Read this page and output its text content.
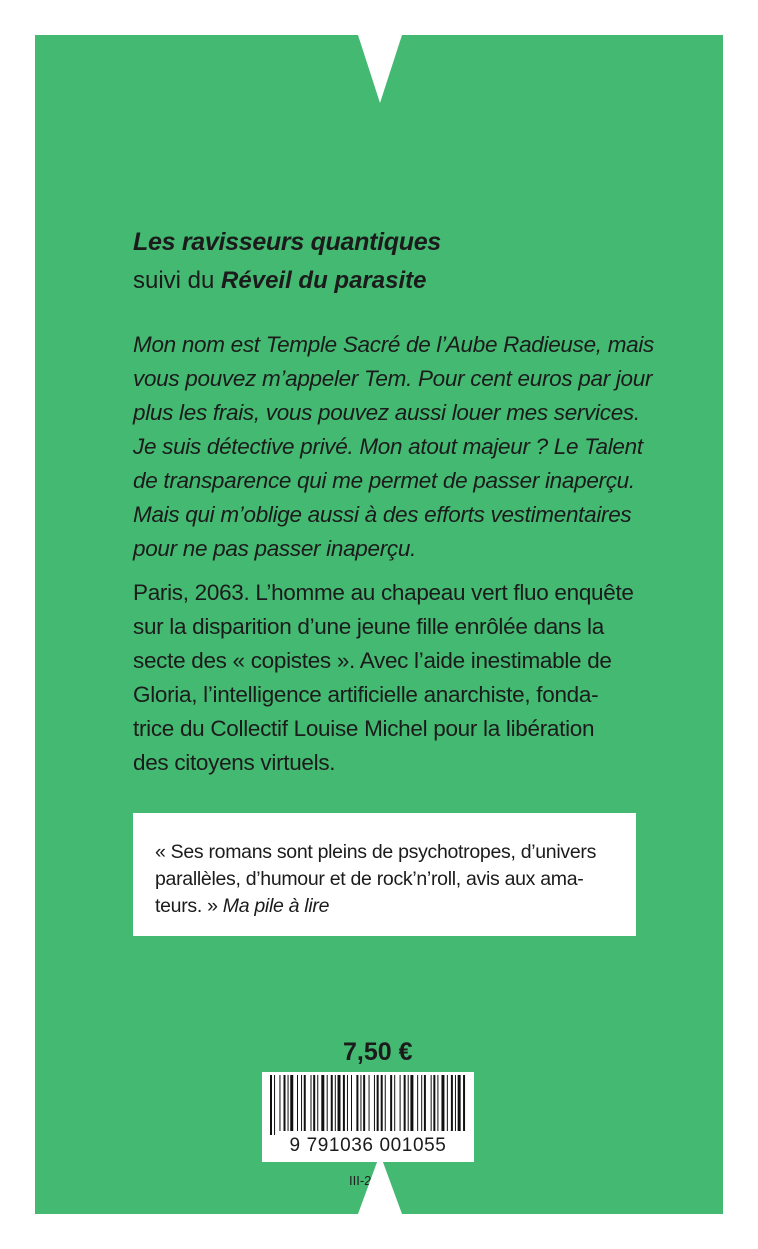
Les ravisseurs quantiques
suivi du Réveil du parasite

Mon nom est Temple Sacré de l’Aube Radieuse, mais
vous pouvez m’appeler Tem. Pour cent euros par jour
plus les frais, vous pouvez aussi louer mes services.
Je suis détective privé. Mon atout majeur ? Le Talent
de transparence qui me permet de passer inaperçu.
Mais qui m’oblige aussi à des efforts vestimentaires
pour ne pas passer inaperçu.

Paris, 2063. L’homme au chapeau vert fluo enquête
sur la disparition d’une jeune fille enrôlée dans la
secte des « copistes ». Avec l’aide inestimable de
Gloria, l’intelligence artificielle anarchiste, fonda-
trice du Collectif Louise Michel pour la libération
des citoyens virtuels.

« Ses romans sont pleins de psychotropes, d’univers
parallèles, d’humour et de rock’n’roll, avis aux ama-
teurs. » Ma pile à lire

7,50 €
9 791036 001055
III-22
